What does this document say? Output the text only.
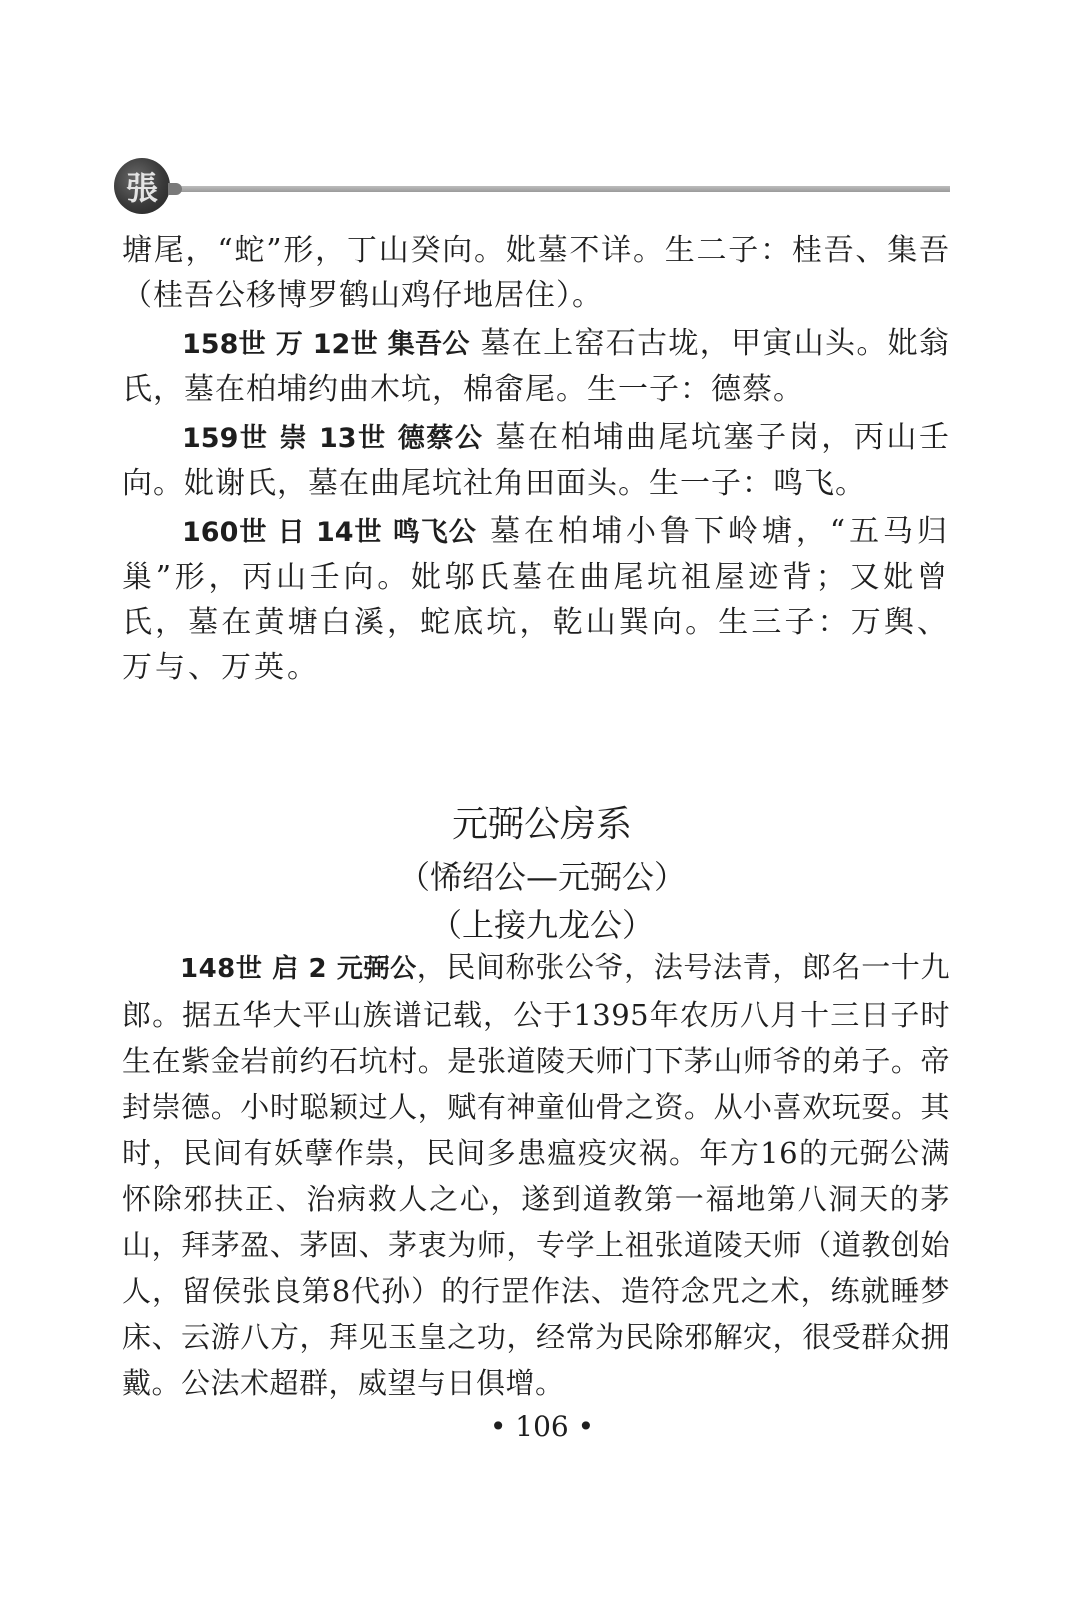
張

塘尾，“蛇”形，丁山癸向。妣墓不详。生二子：桂吾、集吾（桂吾公移博罗鹤山鸡仔地居住）。

158世 万 12世 集吾公 墓在上窑石古垅，甲寅山头。妣翁氏，墓在柏埔约曲木坑，棉畲尾。生一子：德蔡。

159世 崇 13世 德蔡公 墓在柏埔曲尾坑塞子岗，丙山壬向。妣谢氏，墓在曲尾坑社角田面头。生一子：鸣飞。

160世 日 14世 鸣飞公 墓在柏埔小鲁下岭塘，“五马归巢”形，丙山壬向。妣邬氏墓在曲尾坑祖屋迹背；又妣曾氏，墓在黄塘白溪，蛇底坑，乾山巽向。生三子：万舆、万与、万英。

元弼公房系
（悕绍公—元弼公）
（上接九龙公）

148世 启 2 元弼公，民间称张公爷，法号法青，郎名一十九郎。据五华大平山族谱记载，公于1395年农历八月十三日子时生在紫金岩前约石坑村。是张道陵天师门下茅山师爷的弟子。帝封崇德。小时聪颖过人，赋有神童仙骨之资。从小喜欢玩耍。其时，民间有妖孽作祟，民间多患瘟疫灾祸。年方16的元弼公满怀除邪扶正、治病救人之心，遂到道教第一福地第八洞天的茅山，拜茅盈、茅固、茅衷为师，专学上祖张道陵天师（道教创始人，留侯张良第8代孙）的行罡作法、造符念咒之术，练就睡梦床、云游八方，拜见玉皇之功，经常为民除邪解灾，很受群众拥戴。公法术超群，威望与日俱增。

• 106 •
